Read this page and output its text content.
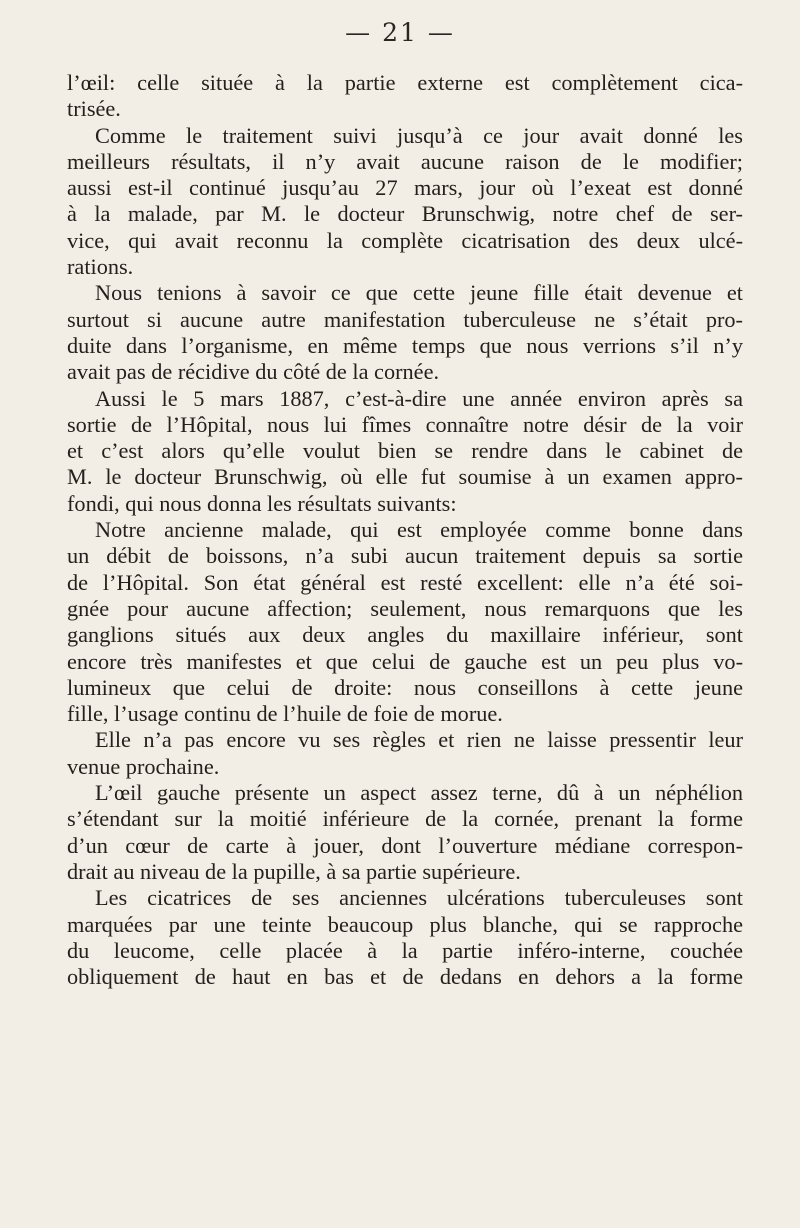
— 21 —
l’œil: celle située à la partie externe est complètement cica-
trisée.
Comme le traitement suivi jusqu’à ce jour avait donné les
meilleurs résultats, il n’y avait aucune raison de le modifier;
aussi est-il continué jusqu’au 27 mars, jour où l’exeat est donné
à la malade, par M. le docteur Brunschwig, notre chef de ser-
vice, qui avait reconnu la complète cicatrisation des deux ulcé-
rations.
Nous tenions à savoir ce que cette jeune fille était devenue et
surtout si aucune autre manifestation tuberculeuse ne s’était pro-
duite dans l’organisme, en même temps que nous verrions s’il n’y
avait pas de récidive du côté de la cornée.
Aussi le 5 mars 1887, c’est-à-dire une année environ après sa
sortie de l’Hôpital, nous lui fîmes connaître notre désir de la voir
et c’est alors qu’elle voulut bien se rendre dans le cabinet de
M. le docteur Brunschwig, où elle fut soumise à un examen appro-
fondi, qui nous donna les résultats suivants:
Notre ancienne malade, qui est employée comme bonne dans
un débit de boissons, n’a subi aucun traitement depuis sa sortie
de l’Hôpital. Son état général est resté excellent: elle n’a été soi-
gnée pour aucune affection; seulement, nous remarquons que les
ganglions situés aux deux angles du maxillaire inférieur, sont
encore très manifestes et que celui de gauche est un peu plus vo-
lumineux que celui de droite: nous conseillons à cette jeune
fille, l’usage continu de l’huile de foie de morue.
Elle n’a pas encore vu ses règles et rien ne laisse pressentir leur
venue prochaine.
L’œil gauche présente un aspect assez terne, dû à un néphélion
s’étendant sur la moitié inférieure de la cornée, prenant la forme
d’un cœur de carte à jouer, dont l’ouverture médiane correspon-
drait au niveau de la pupille, à sa partie supérieure.
Les cicatrices de ses anciennes ulcérations tuberculeuses sont
marquées par une teinte beaucoup plus blanche, qui se rapproche
du leucome, celle placée à la partie inféro-interne, couchée
obliquement de haut en bas et de dedans en dehors a la forme
